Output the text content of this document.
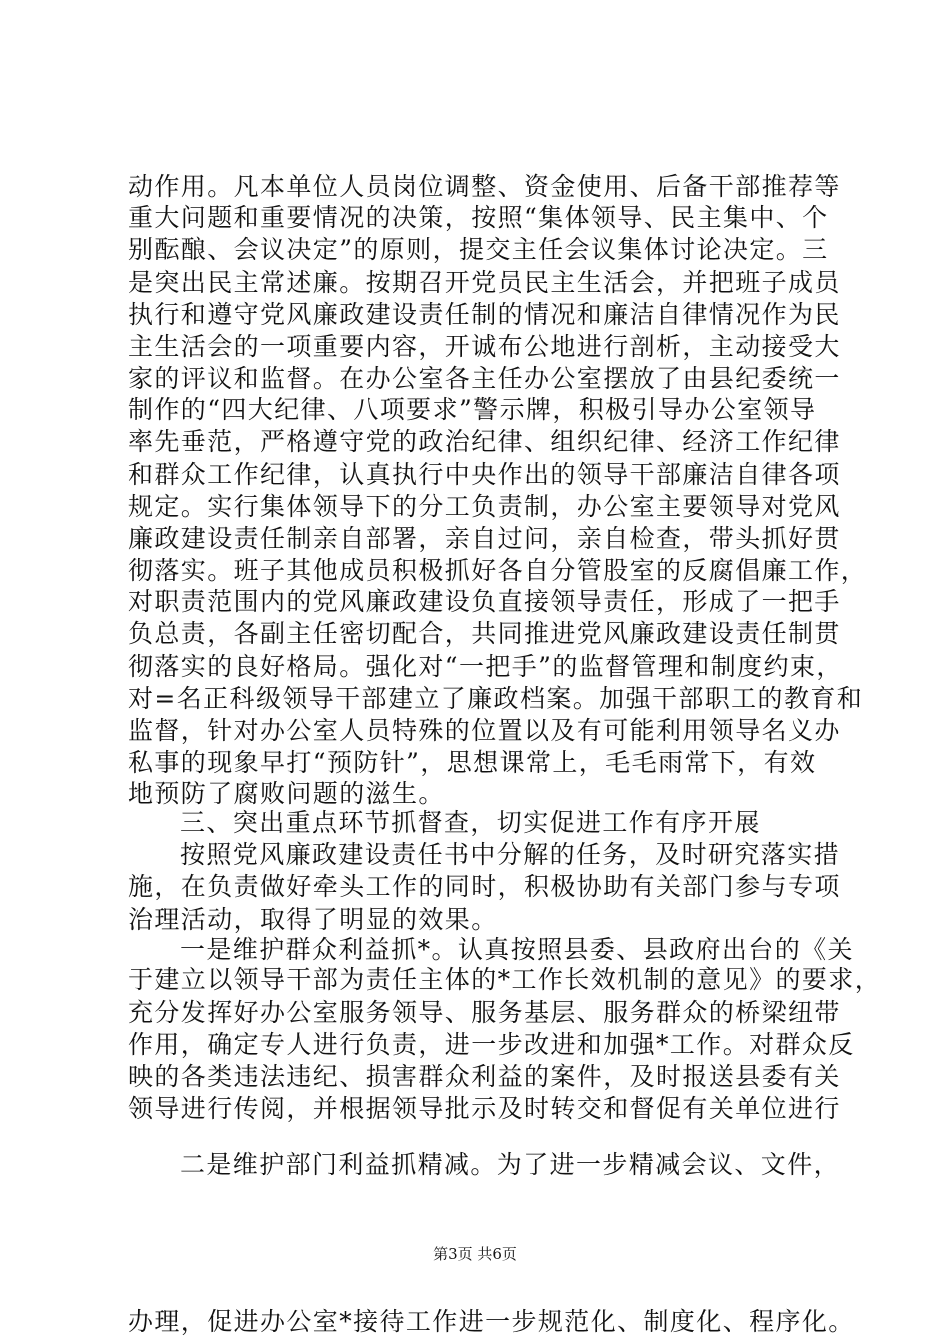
动作用。凡本单位人员岗位调整、资金使用、后备干部推荐等
重大问题和重要情况的决策，按照“集体领导、民主集中、个
别酝酿、会议决定”的原则，提交主任会议集体讨论决定。三
是突出民主常述廉。按期召开党员民主生活会，并把班子成员
执行和遵守党风廉政建设责任制的情况和廉洁自律情况作为民
主生活会的一项重要内容，开诚布公地进行剖析，主动接受大
家的评议和监督。在办公室各主任办公室摆放了由县纪委统一
制作的“四大纪律、八项要求”警示牌，积极引导办公室领导
率先垂范，严格遵守党的政治纪律、组织纪律、经济工作纪律
和群众工作纪律，认真执行中央作出的领导干部廉洁自律各项
规定。实行集体领导下的分工负责制，办公室主要领导对党风
廉政建设责任制亲自部署，亲自过问，亲自检查，带头抓好贯
彻落实。班子其他成员积极抓好各自分管股室的反腐倡廉工作，
对职责范围内的党风廉政建设负直接领导责任，形成了一把手
负总责，各副主任密切配合，共同推进党风廉政建设责任制贯
彻落实的良好格局。强化对“一把手”的监督管理和制度约束，
对=名正科级领导干部建立了廉政档案。加强干部职工的教育和
监督，针对办公室人员特殊的位置以及有可能利用领导名义办
私事的现象早打“预防针”，思想课常上，毛毛雨常下，有效
地预防了腐败问题的滋生。
三、突出重点环节抓督查，切实促进工作有序开展
按照党风廉政建设责任书中分解的任务，及时研究落实措
施，在负责做好牵头工作的同时，积极协助有关部门参与专项
治理活动，取得了明显的效果。
一是维护群众利益抓*。认真按照县委、县政府出台的《关
于建立以领导干部为责任主体的*工作长效机制的意见》的要求，
充分发挥好办公室服务领导、服务基层、服务群众的桥梁纽带
作用，确定专人进行负责，进一步改进和加强*工作。对群众反
映的各类违法违纪、损害群众利益的案件，及时报送县委有关
领导进行传阅，并根据领导批示及时转交和督促有关单位进行
办理，促进办公室*接待工作进一步规范化、制度化、程序化。
二是维护部门利益抓精减。为了进一步精减会议、文件，
第3页 共6页
